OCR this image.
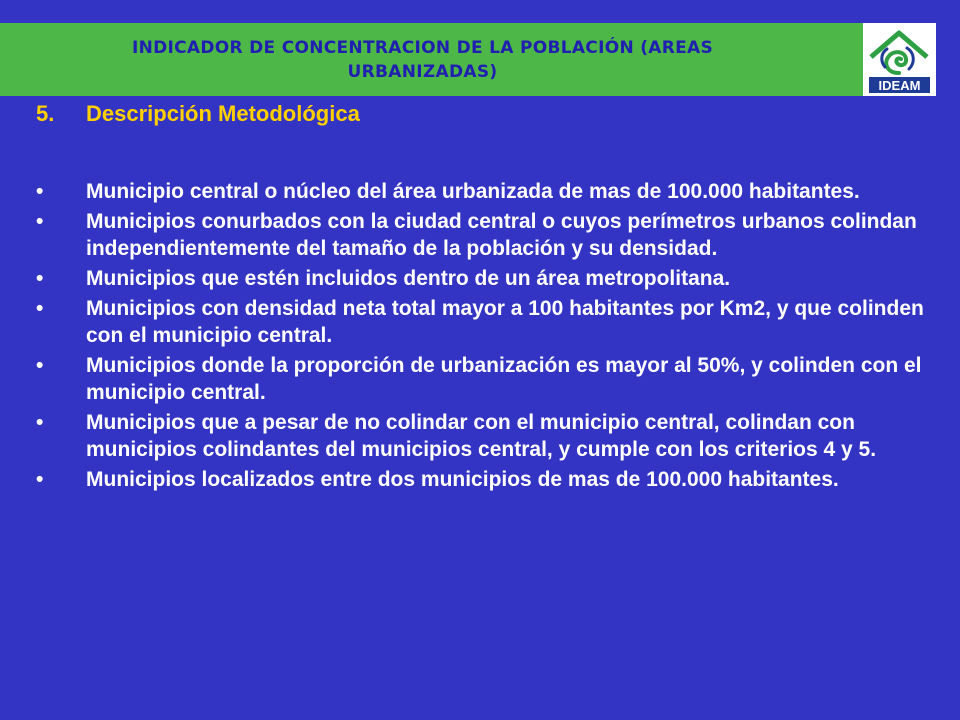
INDICADOR DE CONCENTRACION DE LA POBLACIÓN (AREAS URBANIZADAS)
IDEAM
5.	Descripción Metodológica
•	Municipio central o núcleo del área urbanizada de mas de 100.000 habitantes.
•	Municipios conurbados con la ciudad central o cuyos perímetros urbanos colindan independientemente del tamaño de la población y su densidad.
•	Municipios que estén incluidos dentro de un área metropolitana.
•	Municipios con densidad neta total mayor a 100 habitantes por Km2, y que colinden con el municipio central.
•	Municipios donde la proporción de urbanización es mayor al 50%, y colinden con el municipio central.
•	Municipios que a pesar de no colindar con el municipio central, colindan con municipios colindantes del municipios central, y cumple con los criterios 4 y 5.
•	Municipios localizados entre dos municipios de mas de 100.000 habitantes.
